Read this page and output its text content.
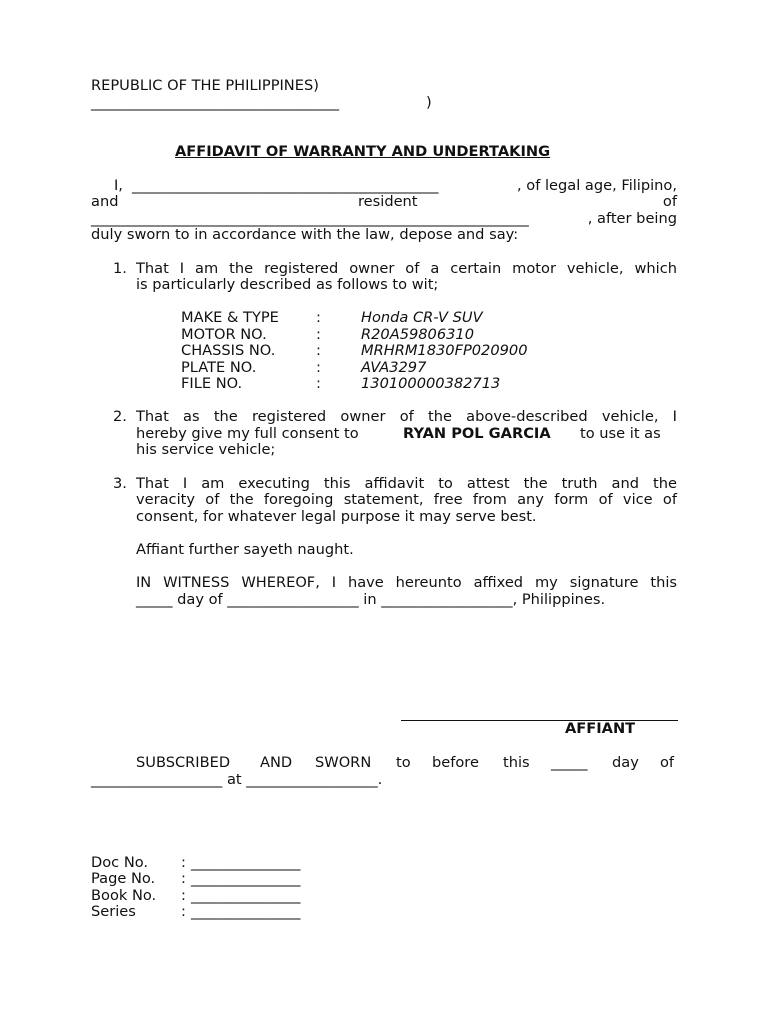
REPUBLIC OF THE PHILIPPINES)
__________________________________	)
AFFIDAVIT OF WARRANTY AND UNDERTAKING
I, __________________________________________	, of legal age, Filipino,
and	resident	of
____________________________________________________________	, after being
duly sworn to in accordance with the law, depose and say:
1. That I am the registered owner of a certain motor vehicle, which
is particularly described as follows to wit;
MAKE & TYPE	:	Honda CR-V SUV
MOTOR NO.	:	R20A59806310
CHASSIS NO.	:	MRHRM1830FP020900
PLATE NO.	:	AVA3297
FILE NO.	:	130100000382713
2. That as the registered owner of the above-described vehicle, I
hereby give my full consent to	RYAN POL GARCIA to use it as
his service vehicle;
3. That I am executing this affidavit to attest the truth and the
veracity of the foregoing statement, free from any form of vice of
consent, for whatever legal purpose it may serve best.
Affiant further sayeth naught.
IN WITNESS WHEREOF, I have hereunto affixed my signature this
_____ day of __________________ in __________________, Philippines.
AFFIANT
SUBSCRIBED AND SWORN to before this _____ day of
__________________ at __________________.
Doc No. : _______________
Page No. : _______________
Book No. : _______________
Series	: _______________
